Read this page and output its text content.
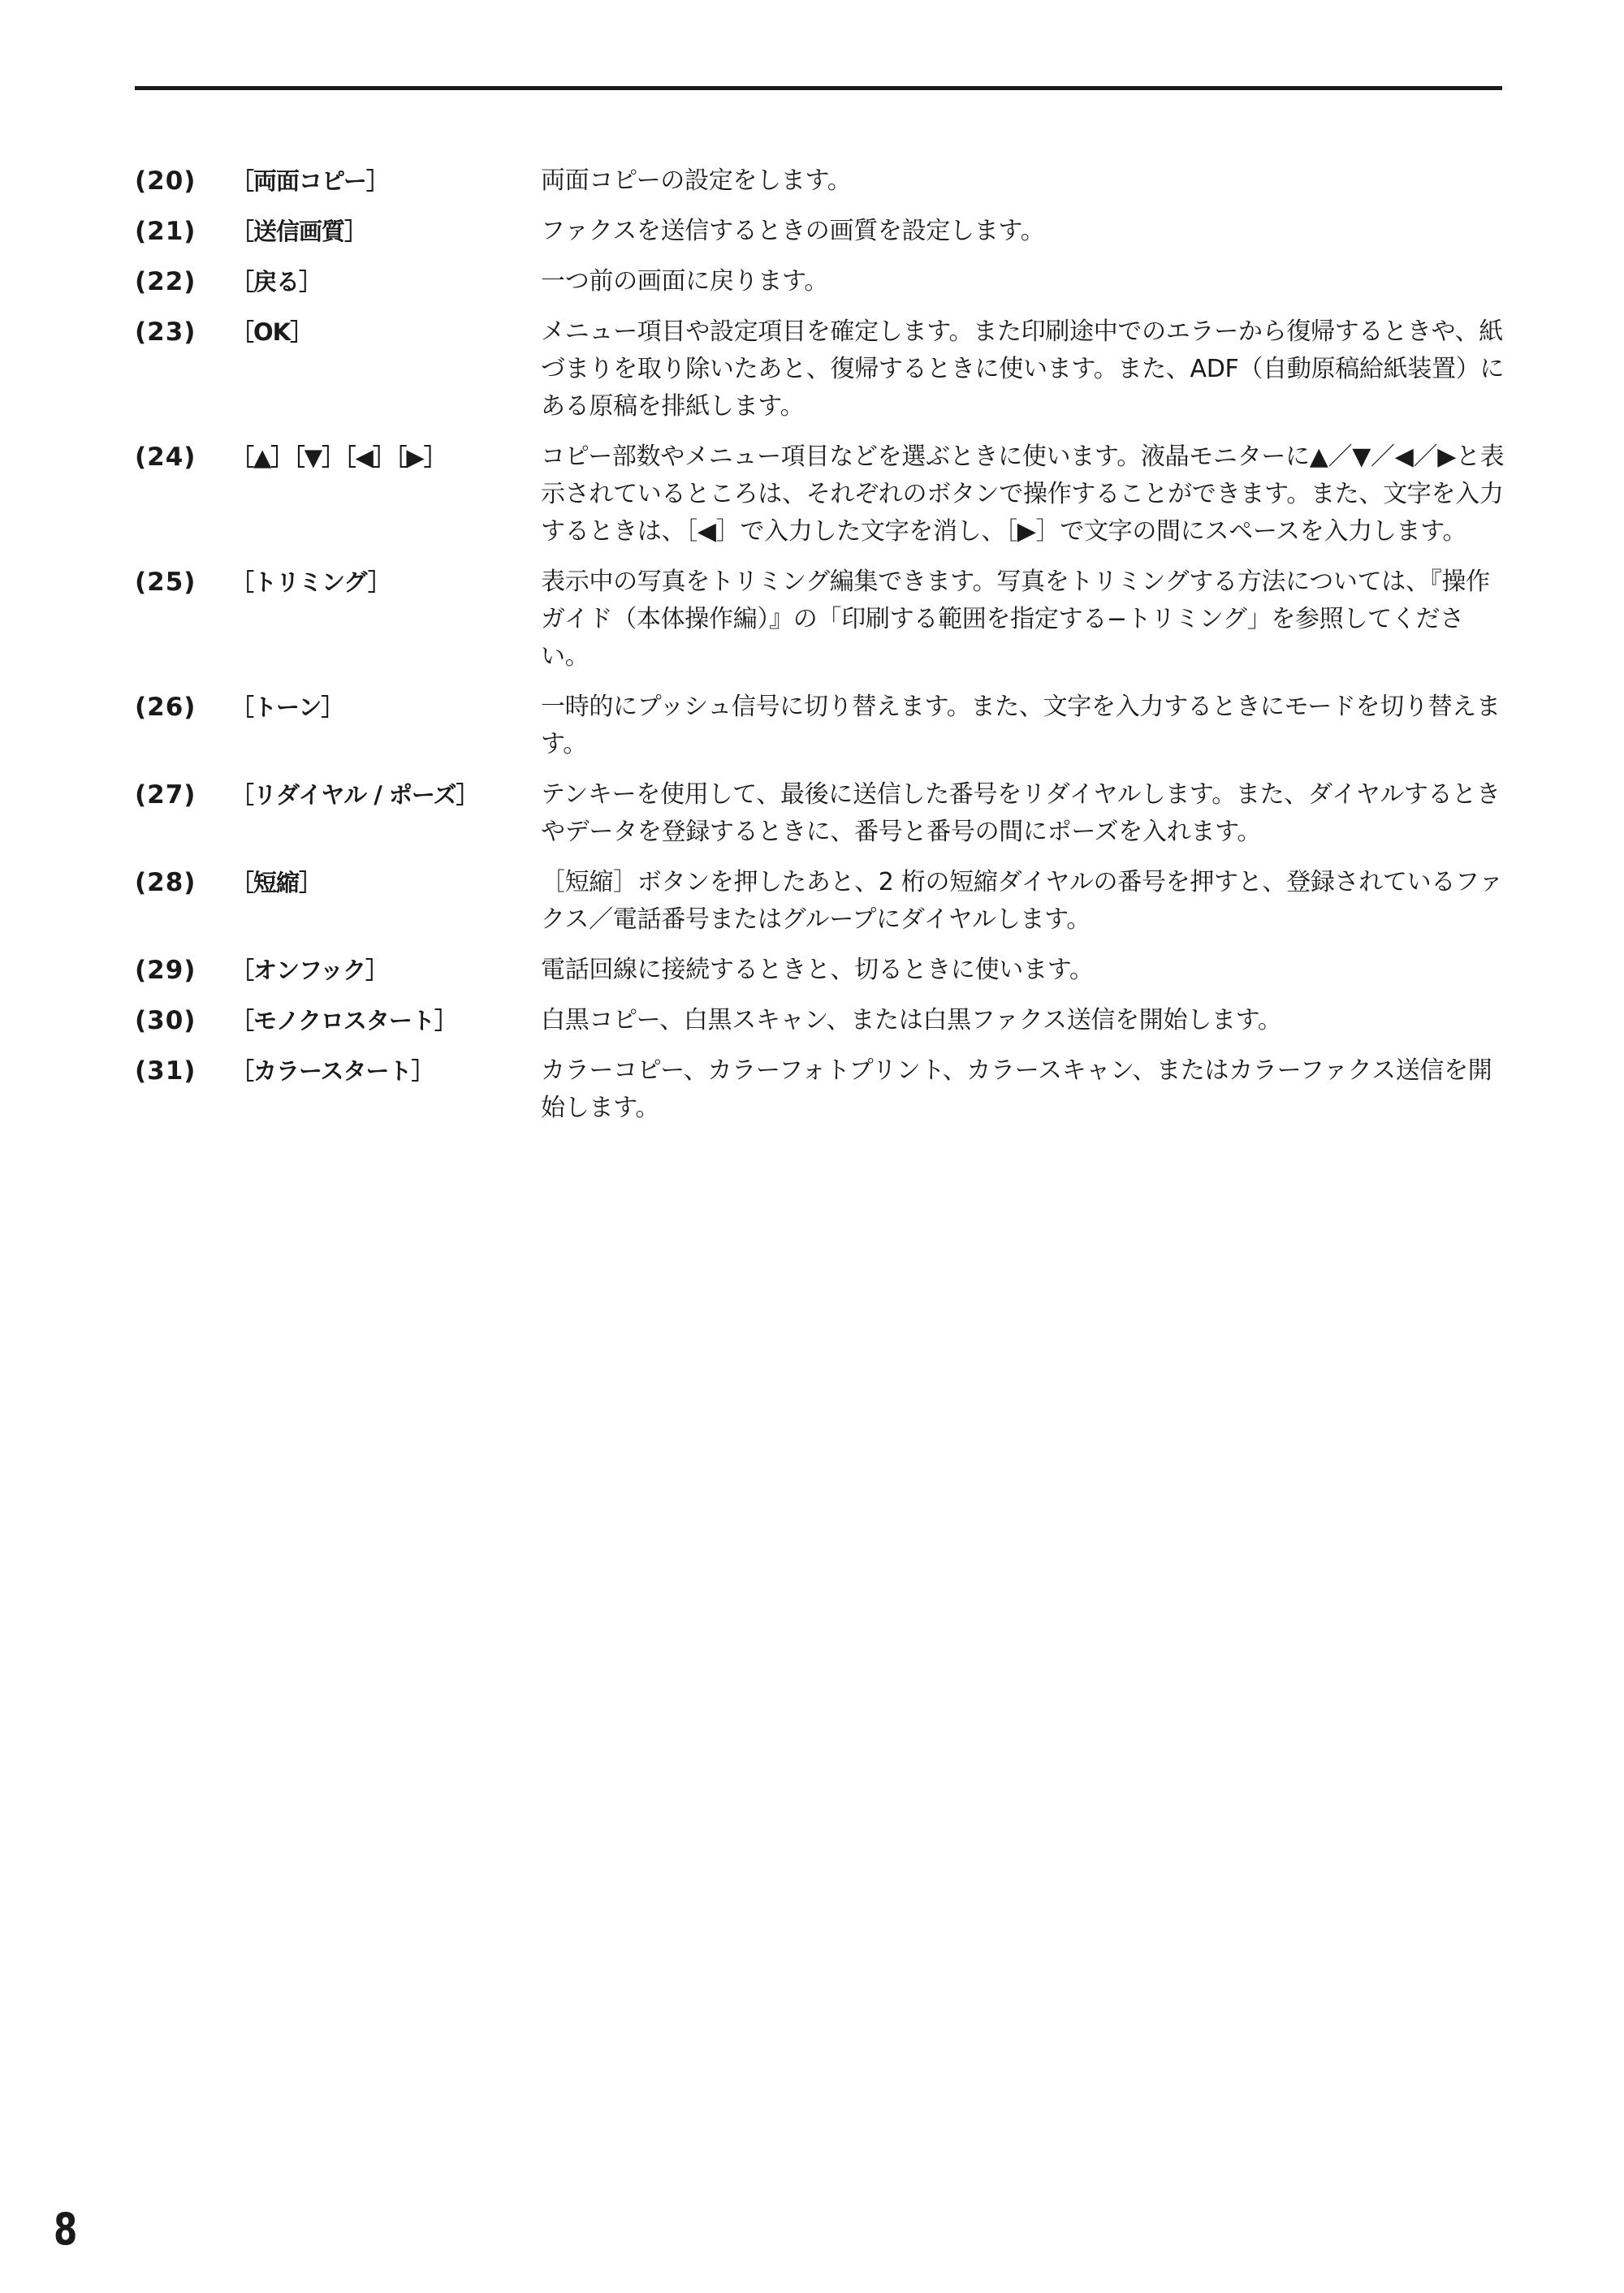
(20)	［両面コピー］	両面コピーの設定をします。
(21)	［送信画質］	ファクスを送信するときの画質を設定します。
(22)	［戻る］	一つ前の画面に戻ります。
(23)	［OK］	メニュー項目や設定項目を確定します。また印刷途中でのエラーから復帰するときや、紙づまりを取り除いたあと、復帰するときに使います。また、ADF（自動原稿給紙装置）にある原稿を排紙します。
(24)	［▲］［▼］［◀］［▶］	コピー部数やメニュー項目などを選ぶときに使います。液晶モニターに▲／▼／◀／▶と表示されているところは、それぞれのボタンで操作することができます。また、文字を入力するときは、［◀］で入力した文字を消し、［▶］で文字の間にスペースを入力します。
(25)	［トリミング］	表示中の写真をトリミング編集できます。写真をトリミングする方法については、『操作ガイド（本体操作編）』の「印刷する範囲を指定する−トリミング」を参照してください。
(26)	［トーン］	一時的にプッシュ信号に切り替えます。また、文字を入力するときにモードを切り替えます。
(27)	［リダイヤル / ポーズ］	テンキーを使用して、最後に送信した番号をリダイヤルします。また、ダイヤルするときやデータを登録するときに、番号と番号の間にポーズを入れます。
(28)	［短縮］	［短縮］ボタンを押したあと、2 桁の短縮ダイヤルの番号を押すと、登録されているファクス／電話番号またはグループにダイヤルします。
(29)	［オンフック］	電話回線に接続するときと、切るときに使います。
(30)	［モノクロスタート］	白黒コピー、白黒スキャン、または白黒ファクス送信を開始します。
(31)	［カラースタート］	カラーコピー、カラーフォトプリント、カラースキャン、またはカラーファクス送信を開始します。
8
